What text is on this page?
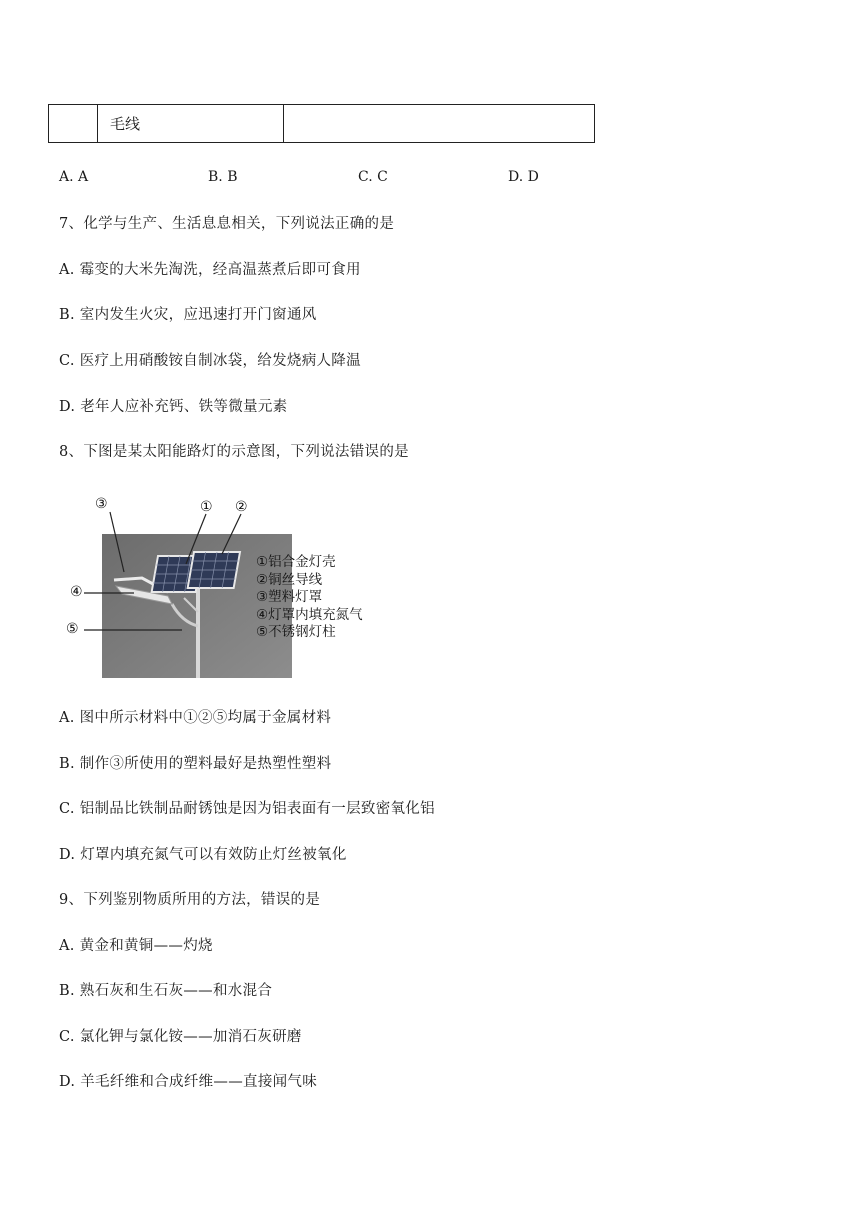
	毛线	
A. A	B. B	C. C	D. D
7、化学与生产、生活息息相关，下列说法正确的是
A. 霉变的大米先淘洗，经高温蒸煮后即可食用
B. 室内发生火灾，应迅速打开门窗通风
C. 医疗上用硝酸铵自制冰袋，给发烧病人降温
D. 老年人应补充钙、铁等微量元素
8、下图是某太阳能路灯的示意图，下列说法错误的是
③	① ②
④
⑤
①铝合金灯壳
②铜丝导线
③塑料灯罩
④灯罩内填充氮气
⑤不锈钢灯柱
A. 图中所示材料中①②⑤均属于金属材料
B. 制作③所使用的塑料最好是热塑性塑料
C. 铝制品比铁制品耐锈蚀是因为铝表面有一层致密氧化铝
D. 灯罩内填充氮气可以有效防止灯丝被氧化
9、下列鉴别物质所用的方法，错误的是
A. 黄金和黄铜——灼烧
B. 熟石灰和生石灰——和水混合
C. 氯化钾与氯化铵——加消石灰研磨
D. 羊毛纤维和合成纤维——直接闻气味
